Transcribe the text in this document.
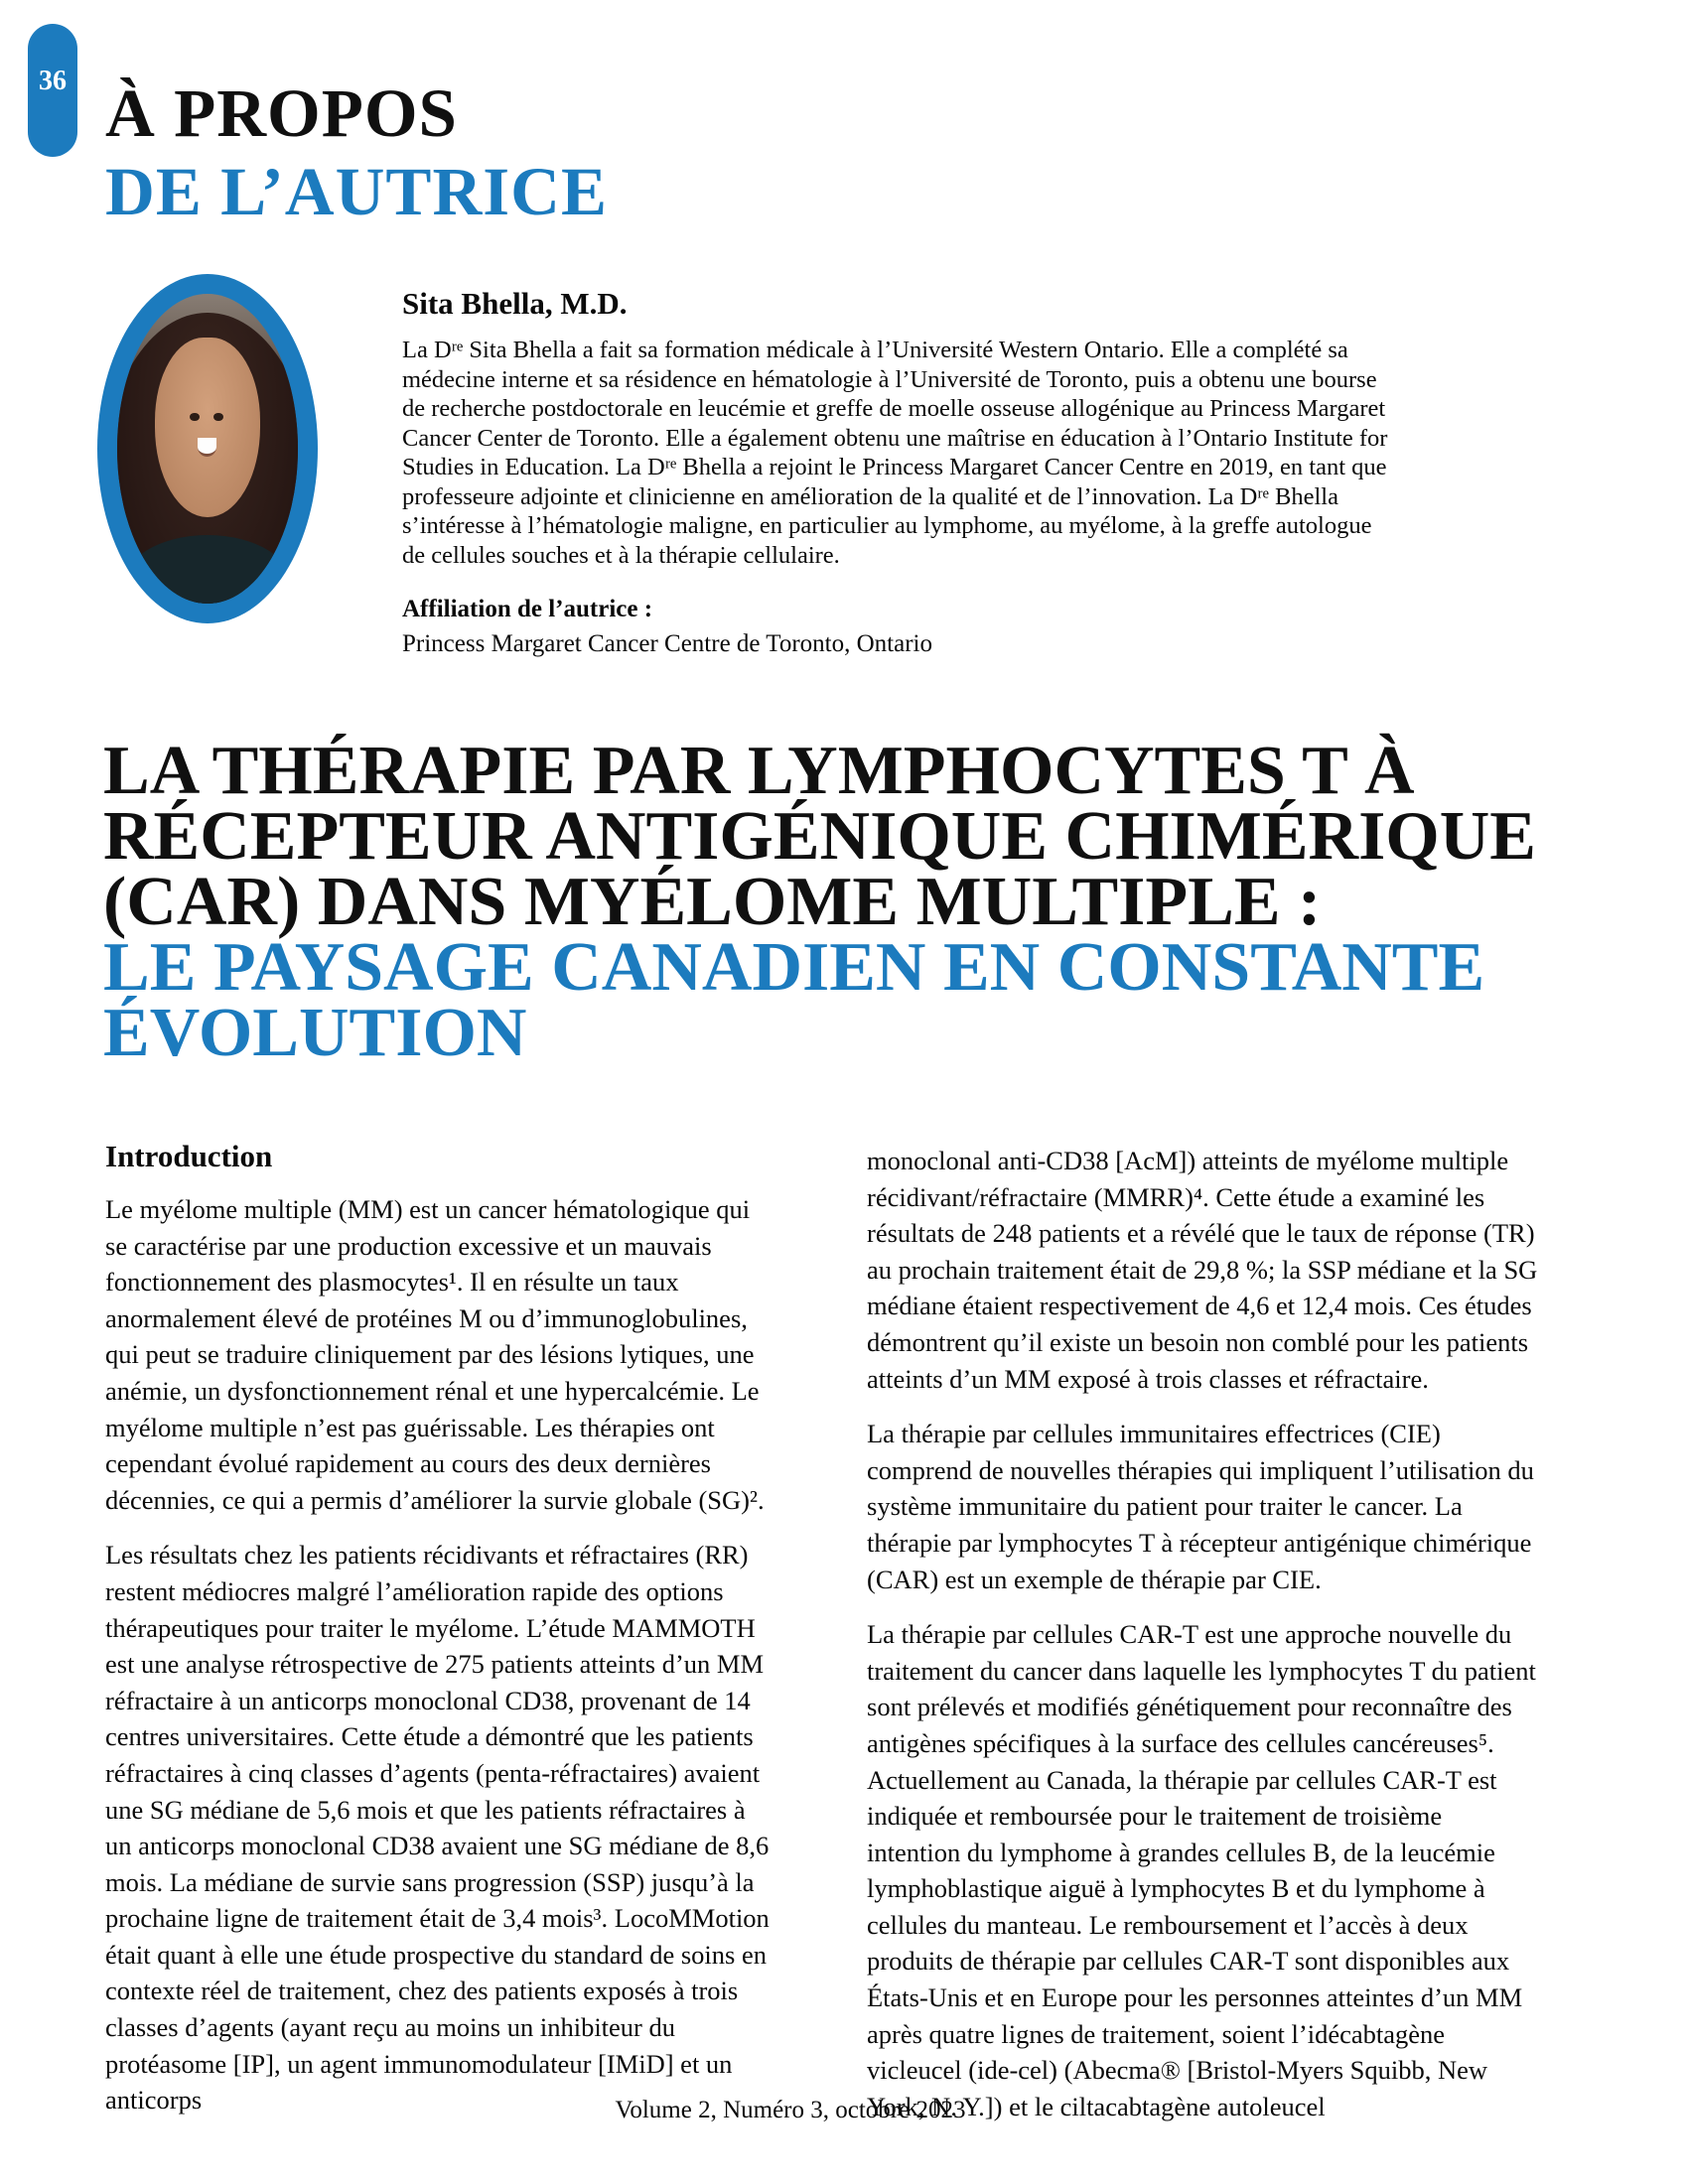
36 À PROPOS
DE L’AUTRICE
Sita Bhella, M.D.

La Dʳᵉ Sita Bhella a fait sa formation médicale à l’Université Western Ontario. Elle a complété sa médecine interne et sa résidence en hématologie à l’Université de Toronto, puis a obtenu une bourse de recherche postdoctorale en leucémie et greffe de moelle osseuse allogénique au Princess Margaret Cancer Center de Toronto. Elle a également obtenu une maîtrise en éducation à l’Ontario Institute for Studies in Education. La Dʳᵉ Bhella a rejoint le Princess Margaret Cancer Centre en 2019, en tant que professeure adjointe et clinicienne en amélioration de la qualité et de l’innovation. La Dʳᵉ Bhella s’intéresse à l’hématologie maligne, en particulier au lymphome, au myélome, à la greffe autologue de cellules souches et à la thérapie cellulaire.

Affiliation de l’autrice :

Princess Margaret Cancer Centre de Toronto, Ontario

LA THÉRAPIE PAR LYMPHOCYTES T À
RÉCEPTEUR ANTIGÉNIQUE CHIMÉRIQUE
(CAR) DANS MYÉLOME MULTIPLE :
LE PAYSAGE CANADIEN EN CONSTANTE
ÉVOLUTION
Introduction

Le myélome multiple (MM) est un cancer hématologique qui se caractérise par une production excessive et un mauvais fonctionnement des plasmocytes¹. Il en résulte un taux anormalement élevé de protéines M ou d’immunoglobulines, qui peut se traduire cliniquement par des lésions lytiques, une anémie, un dysfonctionnement rénal et une hypercalcémie. Le myélome multiple n’est pas guérissable. Les thérapies ont cependant évolué rapidement au cours des deux dernières décennies, ce qui a permis d’améliorer la survie globale (SG)².

Les résultats chez les patients récidivants et réfractaires (RR) restent médiocres malgré l’amélioration rapide des options thérapeutiques pour traiter le myélome. L’étude MAMMOTH est une analyse rétrospective de 275 patients atteints d’un MM réfractaire à un anticorps monoclonal CD38, provenant de 14 centres universitaires. Cette étude a démontré que les patients réfractaires à cinq classes d’agents (penta-réfractaires) avaient une SG médiane de 5,6 mois et que les patients réfractaires à un anticorps monoclonal CD38 avaient une SG médiane de 8,6 mois. La médiane de survie sans progression (SSP) jusqu’à la prochaine ligne de traitement était de 3,4 mois³. LocoMMotion était quant à elle une étude prospective du standard de soins en contexte réel de traitement, chez des patients exposés à trois classes d’agents (ayant reçu au moins un inhibiteur du protéasome [IP], un agent immunomodulateur [IMiD] et un anticorps

monoclonal anti-CD38 [AcM]) atteints de myélome multiple récidivant/réfractaire (MMRR)⁴. Cette étude a examiné les résultats de 248 patients et a révélé que le taux de réponse (TR) au prochain traitement était de 29,8 %; la SSP médiane et la SG médiane étaient respectivement de 4,6 et 12,4 mois. Ces études démontrent qu’il existe un besoin non comblé pour les patients atteints d’un MM exposé à trois classes et réfractaire.

La thérapie par cellules immunitaires effectrices (CIE) comprend de nouvelles thérapies qui impliquent l’utilisation du système immunitaire du patient pour traiter le cancer. La thérapie par lymphocytes T à récepteur antigénique chimérique (CAR) est un exemple de thérapie par CIE.

La thérapie par cellules CAR-T est une approche nouvelle du traitement du cancer dans laquelle les lymphocytes T du patient sont prélevés et modifiés génétiquement pour reconnaître des antigènes spécifiques à la surface des cellules cancéreuses⁵. Actuellement au Canada, la thérapie par cellules CAR-T est indiquée et remboursée pour le traitement de troisième intention du lymphome à grandes cellules B, de la leucémie lymphoblastique aiguë à lymphocytes B et du lymphome à cellules du manteau. Le remboursement et l’accès à deux produits de thérapie par cellules CAR-T sont disponibles aux États-Unis et en Europe pour les personnes atteintes d’un MM après quatre lignes de traitement, soient l’idécabtagène vicleucel (ide-cel) (Abecma® [Bristol-Myers Squibb, New York, N. Y.]) et le ciltacabtagène autoleucel

Volume 2, Numéro 3, octobre 2023
